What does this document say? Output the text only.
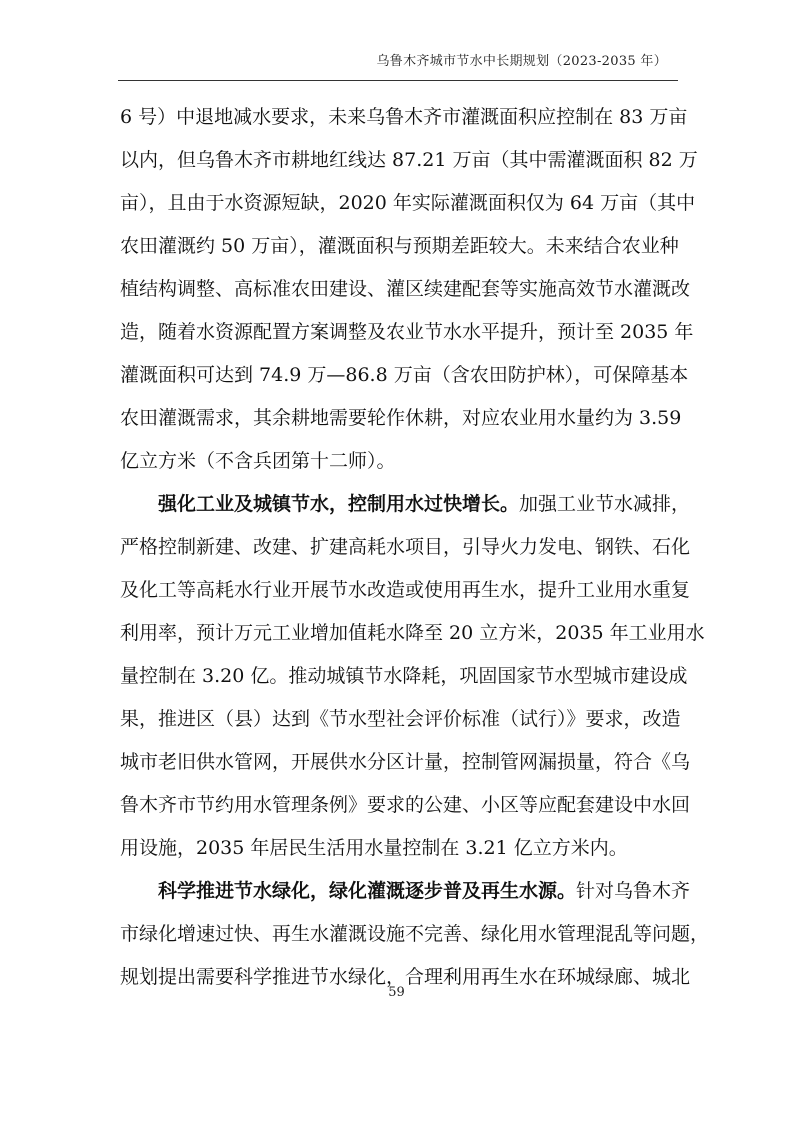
乌鲁木齐城市节水中长期规划（2023-2035 年）
6 号）中退地减水要求，未来乌鲁木齐市灌溉面积应控制在 83 万亩
以内，但乌鲁木齐市耕地红线达 87.21 万亩（其中需灌溉面积 82 万
亩），且由于水资源短缺，2020 年实际灌溉面积仅为 64 万亩（其中
农田灌溉约 50 万亩），灌溉面积与预期差距较大。未来结合农业种
植结构调整、高标准农田建设、灌区续建配套等实施高效节水灌溉改
造，随着水资源配置方案调整及农业节水水平提升，预计至 2035 年
灌溉面积可达到 74.9 万—86.8 万亩（含农田防护林），可保障基本
农田灌溉需求，其余耕地需要轮作休耕，对应农业用水量约为 3.59
亿立方米（不含兵团第十二师）。
强化工业及城镇节水，控制用水过快增长。加强工业节水减排，
严格控制新建、改建、扩建高耗水项目，引导火力发电、钢铁、石化
及化工等高耗水行业开展节水改造或使用再生水，提升工业用水重复
利用率，预计万元工业增加值耗水降至 20 立方米，2035 年工业用水
量控制在 3.20 亿。推动城镇节水降耗，巩固国家节水型城市建设成
果，推进区（县）达到《节水型社会评价标准（试行）》要求，改造
城市老旧供水管网，开展供水分区计量，控制管网漏损量，符合《乌
鲁木齐市节约用水管理条例》要求的公建、小区等应配套建设中水回
用设施，2035 年居民生活用水量控制在 3.21 亿立方米内。
科学推进节水绿化，绿化灌溉逐步普及再生水源。针对乌鲁木齐
市绿化增速过快、再生水灌溉设施不完善、绿化用水管理混乱等问题，
规划提出需要科学推进节水绿化，合理利用再生水在环城绿廊、城北
59
